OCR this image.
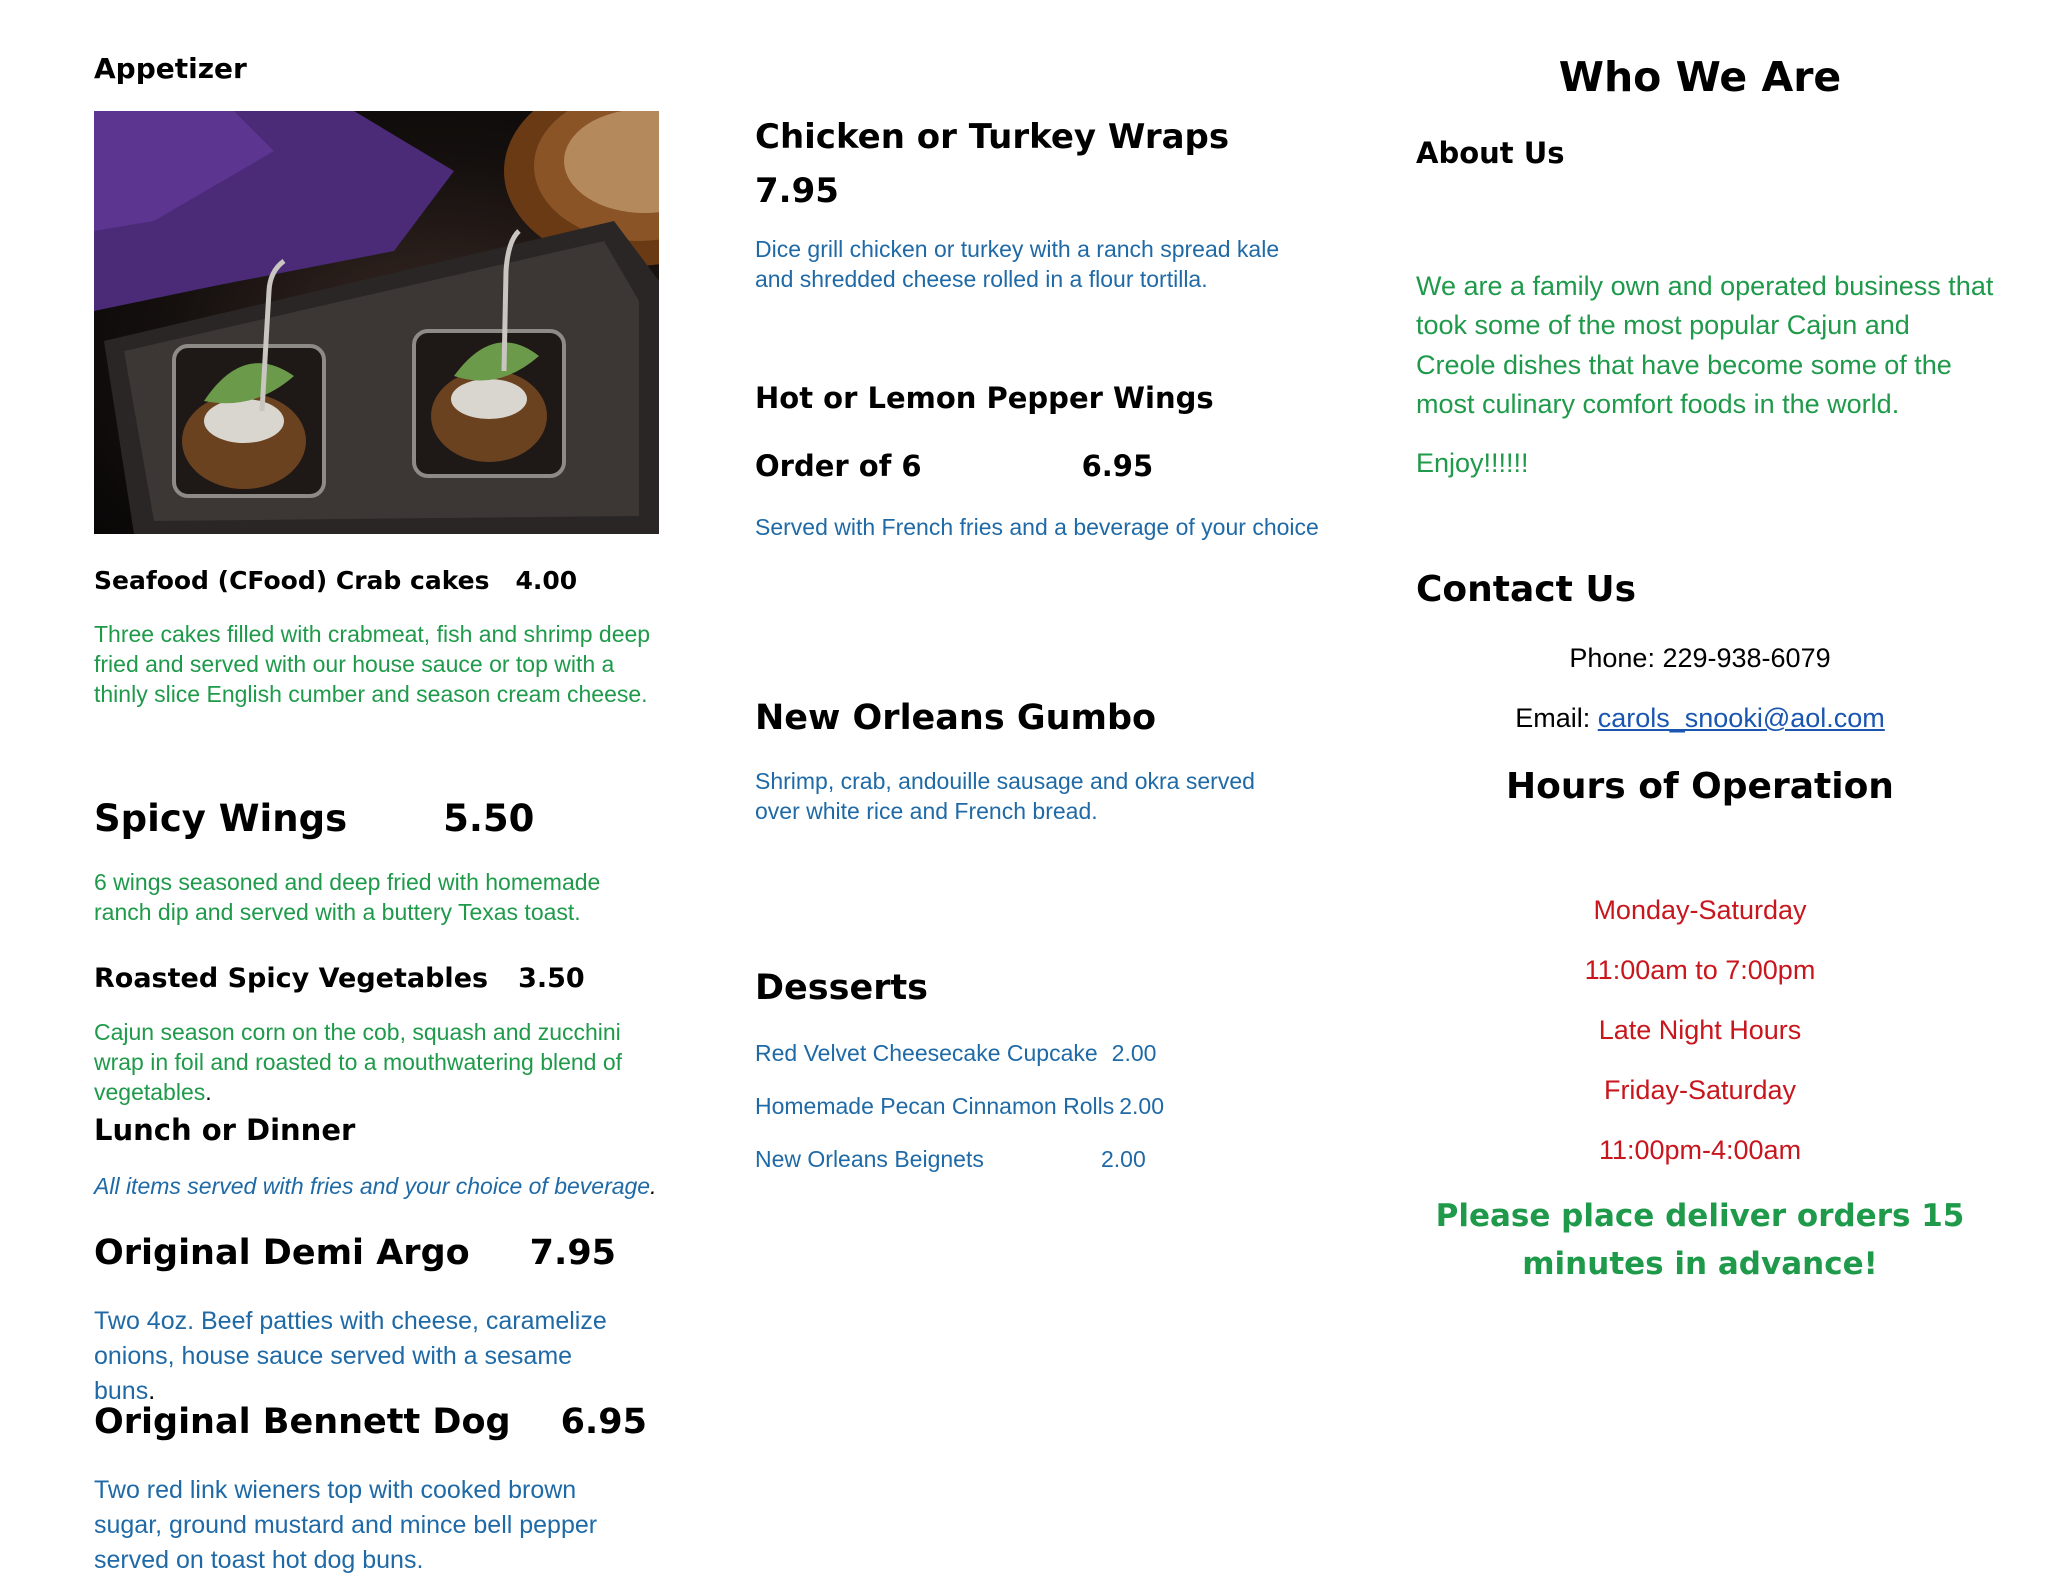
Appetizer
Seafood (CFood) Crab cakes 4.00
Three cakes filled with crabmeat, fish and shrimp deep fried and served with our house sauce or top with a thinly slice English cumber and season cream cheese.
Spicy Wings	5.50
6 wings seasoned and deep fried with homemade ranch dip and served with a buttery Texas toast.
Roasted Spicy Vegetables 3.50
Cajun season corn on the cob, squash and zucchini wrap in foil and roasted to a mouthwatering blend of vegetables.
Lunch or Dinner
All items served with fries and your choice of beverage.
Original Demi Argo 7.95
Two 4oz. Beef patties with cheese, caramelize onions, house sauce served with a sesame buns.
Original Bennett Dog 6.95
Two red link wieners top with cooked brown sugar, ground mustard and mince bell pepper served on toast hot dog buns.
Chicken or Turkey Wraps
7.95
Dice grill chicken or turkey with a ranch spread kale and shredded cheese rolled in a flour tortilla.
Hot or Lemon Pepper Wings
Order of 6	6.95
Served with French fries and a beverage of your choice
New Orleans Gumbo
Shrimp, crab, andouille sausage and okra served over white rice and French bread.
Desserts
Red Velvet Cheesecake Cupcake 2.00
Homemade Pecan Cinnamon Rolls 2.00
New Orleans Beignets	2.00
Who We Are
About Us
We are a family own and operated business that took some of the most popular Cajun and Creole dishes that have become some of the most culinary comfort foods in the world.
Enjoy!!!!!!
Contact Us
Phone: 229-938-6079
Email: carols_snooki@aol.com
Hours of Operation
Monday-Saturday
11:00am to 7:00pm
Late Night Hours
Friday-Saturday
11:00pm-4:00am
Please place deliver orders 15 minutes in advance!
